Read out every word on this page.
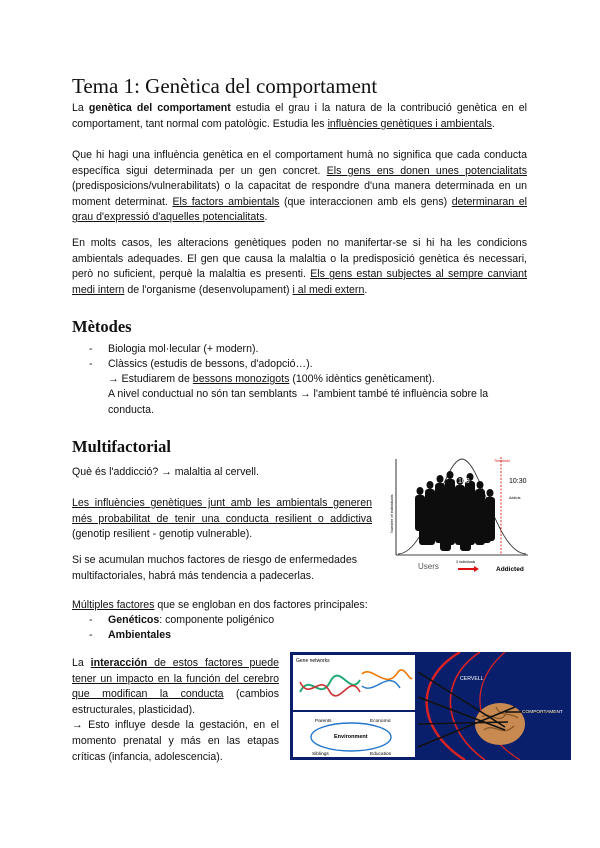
Tema 1: Genètica del comportament

La genètica del comportament estudia el grau i la natura de la contribució genètica en el comportament, tant normal com patològic. Estudia les influències genètiques i ambientals.

Que hi hagi una influència genètica en el comportament humà no significa que cada conducta específica sigui determinada per un gen concret. Els gens ens donen unes potencialitats (predisposicions/vulnerabilitats) o la capacitat de respondre d'una manera determinada en un moment determinat. Els factors ambientals (que interaccionen amb els gens) determinaran el grau d'expressió d'aquelles potencialitats.

En molts casos, les alteracions genètiques poden no manifertar-se si hi ha les condicions ambientals adequades. El gen que causa la malaltia o la predisposició genètica és necessari, però no suficient, perquè la malaltia es presenti. Els gens estan subjectes al sempre canviant medi intern de l'organisme (desenvolupament) i al medi extern.

Mètodes
- Biologia mol·lecular (+ modern).

- Clàssics (estudis de bessons, d'adopció…).

→ Estudiarem de bessons monozigots (100% idèntics genèticament).

A nivel conductual no són tan semblants → l'ambient també té influència sobre la conducta.

Multifactorial

Què és l'addicció? → malaltia al cervell.

Les influències genètiques junt amb les ambientals generen més probabilitat de tenir una conducta resilient o addictiva (genotip resilient - genotip vulnerable).

Si se acumulan muchos factores de riesgo de enfermedades multifactoriales, habrá más tendencia a padecerlas.

Múltiples factores que se engloban en dos factores principales:

- Genéticos: componente poligénico

- Ambientales

La interacción de estos factores puede tener un impacto en la función del cerebro que modifican la conducta (cambios estructurales, plasticidad).
→ Esto influye desde la gestación, en el momento prenatal y más en las etapas críticas (infancia, adolescencia).

Number of individuals
100
Threshold
10:30
Addicts
Users	3 individuals
Addicted
Gene networks
Parents	Economic
Environment
Siblings	Education
CERVELL
COMPORTAMENT
